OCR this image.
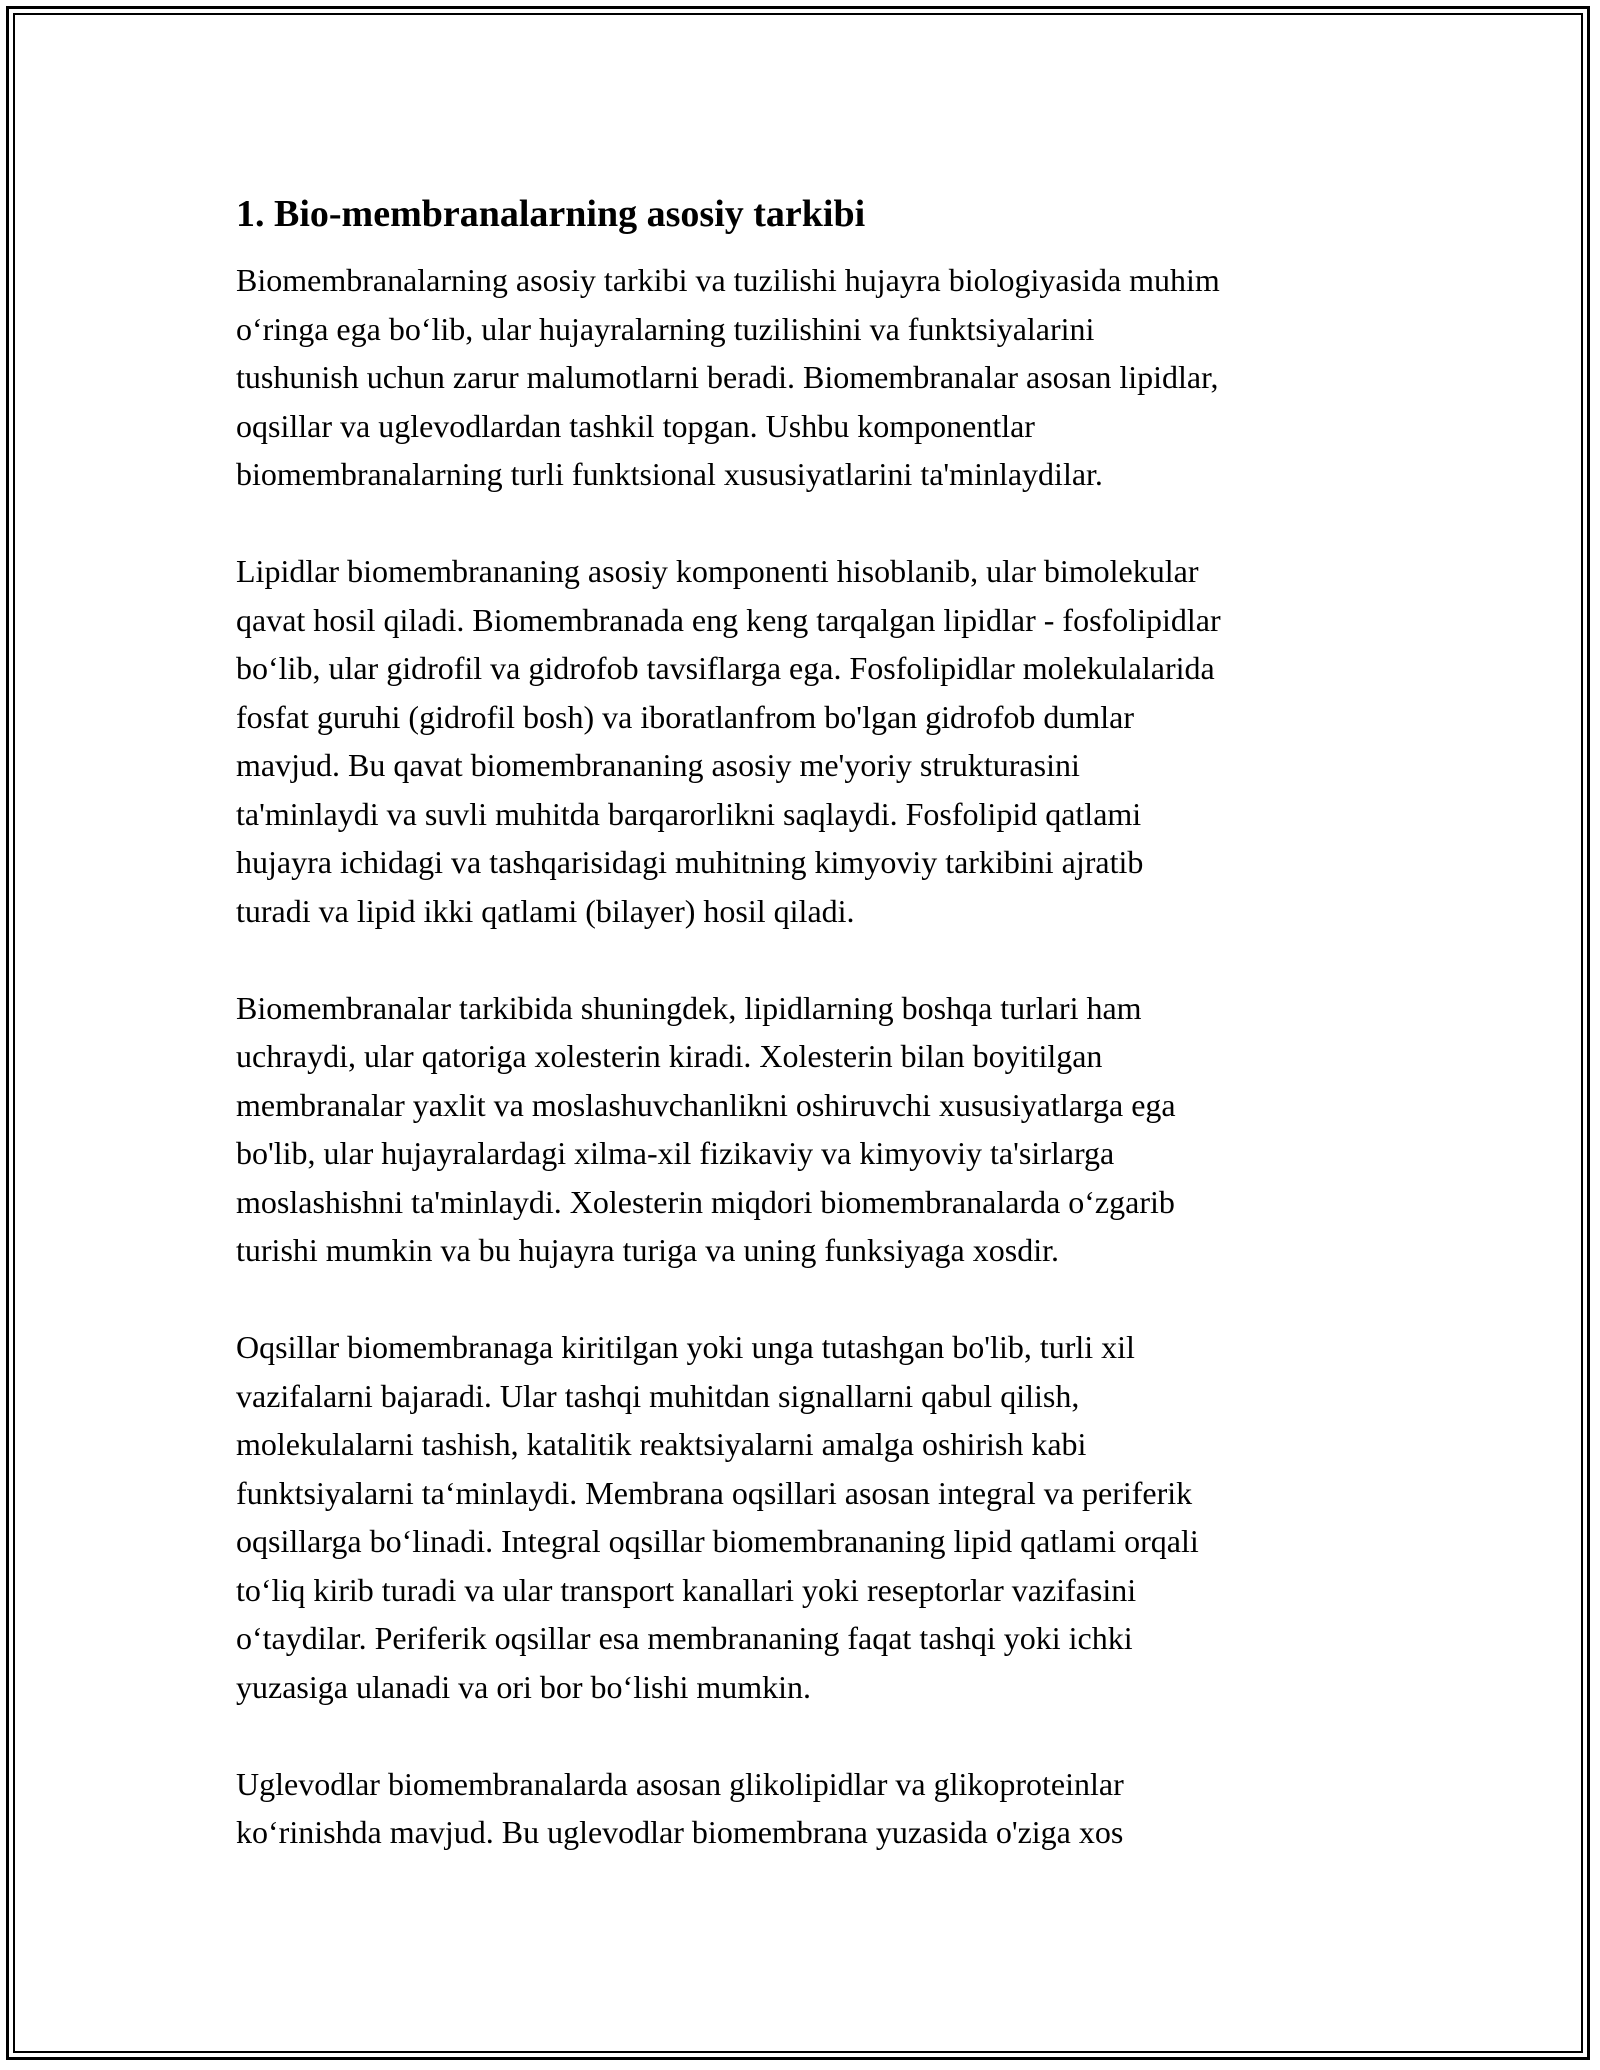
1. Bio-membranalarning asosiy tarkibi

Biomembranalarning asosiy tarkibi va tuzilishi hujayra biologiyasida muhim
o‘ringa ega bo‘lib, ular hujayralarning tuzilishini va funktsiyalarini
tushunish uchun zarur malumotlarni beradi. Biomembranalar asosan lipidlar,
oqsillar va uglevodlardan tashkil topgan. Ushbu komponentlar
biomembranalarning turli funktsional xususiyatlarini ta'minlaydilar.

Lipidlar biomembrananing asosiy komponenti hisoblanib, ular bimolekular
qavat hosil qiladi. Biomembranada eng keng tarqalgan lipidlar - fosfolipidlar
bo‘lib, ular gidrofil va gidrofob tavsiflarga ega. Fosfolipidlar molekulalarida
fosfat guruhi (gidrofil bosh) va iboratlanfrom bo'lgan gidrofob dumlar
mavjud. Bu qavat biomembrananing asosiy me'yoriy strukturasini
ta'minlaydi va suvli muhitda barqarorlikni saqlaydi. Fosfolipid qatlami
hujayra ichidagi va tashqarisidagi muhitning kimyoviy tarkibini ajratib
turadi va lipid ikki qatlami (bilayer) hosil qiladi.

Biomembranalar tarkibida shuningdek, lipidlarning boshqa turlari ham
uchraydi, ular qatoriga xolesterin kiradi. Xolesterin bilan boyitilgan
membranalar yaxlit va moslashuvchanlikni oshiruvchi xususiyatlarga ega
bo'lib, ular hujayralardagi xilma-xil fizikaviy va kimyoviy ta'sirlarga
moslashishni ta'minlaydi. Xolesterin miqdori biomembranalarda o‘zgarib
turishi mumkin va bu hujayra turiga va uning funksiyaga xosdir.

Oqsillar biomembranaga kiritilgan yoki unga tutashgan bo'lib, turli xil
vazifalarni bajaradi. Ular tashqi muhitdan signallarni qabul qilish,
molekulalarni tashish, katalitik reaktsiyalarni amalga oshirish kabi
funktsiyalarni ta‘minlaydi. Membrana oqsillari asosan integral va periferik
oqsillarga bo‘linadi. Integral oqsillar biomembrananing lipid qatlami orqali
to‘liq kirib turadi va ular transport kanallari yoki reseptorlar vazifasini
o‘taydilar. Periferik oqsillar esa membrananing faqat tashqi yoki ichki
yuzasiga ulanadi va ori bor bo‘lishi mumkin.

Uglevodlar biomembranalarda asosan glikolipidlar va glikoproteinlar
ko‘rinishda mavjud. Bu uglevodlar biomembrana yuzasida o'ziga xos
